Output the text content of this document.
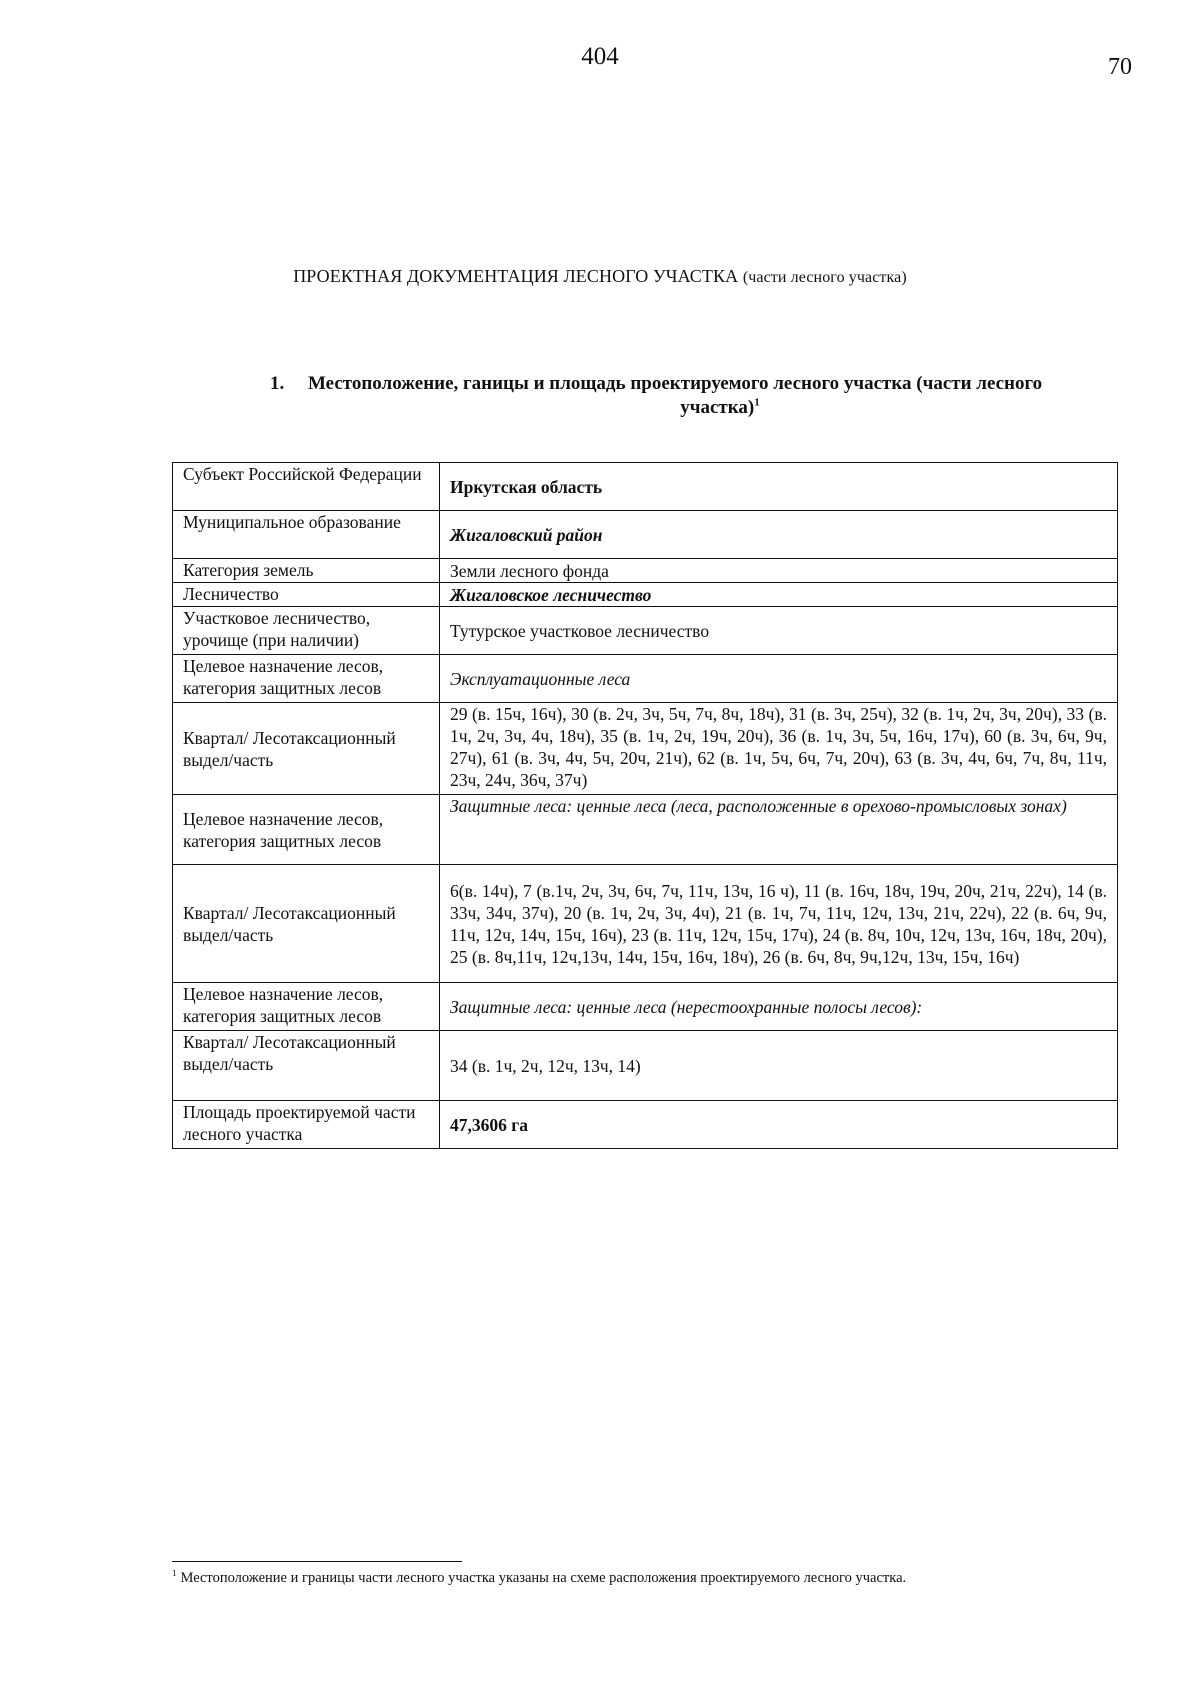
404	70
ПРОЕКТНАЯ ДОКУМЕНТАЦИЯ ЛЕСНОГО УЧАСТКА (части лесного участка)
1. Местоположение, ганицы и площадь проектируемого лесного участка (части лесного
участка)$^1$
Субъект Российской Федерации	Иркутская область
Муниципальное образование	Жигаловский район
Категория земель	Земли лесного фонда
Лесничество	Жигаловское лесничество
Участковое лесничество, урочище (при наличии)	Тутурское участковое лесничество
Целевое назначение лесов, категория защитных лесов	Эксплуатационные леса
Квартал/ Лесотаксационный выдел/часть	29 (в. 15ч, 16ч), 30 (в. 2ч, 3ч, 5ч, 7ч, 8ч, 18ч), 31 (в. 3ч, 25ч), 32 (в. 1ч, 2ч, 3ч, 20ч), 33 (в. 1ч, 2ч, 3ч, 4ч, 18ч), 35 (в. 1ч, 2ч, 19ч, 20ч), 36 (в. 1ч, 3ч, 5ч, 16ч, 17ч), 60 (в. 3ч, 6ч, 9ч, 27ч), 61 (в. 3ч, 4ч, 5ч, 20ч, 21ч), 62 (в. 1ч, 5ч, 6ч, 7ч, 20ч), 63 (в. 3ч, 4ч, 6ч, 7ч, 8ч, 11ч, 23ч, 24ч, 36ч, 37ч)
Целевое назначение лесов, категория защитных лесов	Защитные леса: ценные леса (леса, расположенные в орехово-промысловых зонах)
Квартал/ Лесотаксационный выдел/часть	6(в. 14ч), 7 (в.1ч, 2ч, 3ч, 6ч, 7ч, 11ч, 13ч, 16 ч), 11 (в. 16ч, 18ч, 19ч, 20ч, 21ч, 22ч), 14 (в. 33ч, 34ч, 37ч), 20 (в. 1ч, 2ч, 3ч, 4ч), 21 (в. 1ч, 7ч, 11ч, 12ч, 13ч, 21ч, 22ч), 22 (в. 6ч, 9ч, 11ч, 12ч, 14ч, 15ч, 16ч), 23 (в. 11ч, 12ч, 15ч, 17ч), 24 (в. 8ч, 10ч, 12ч, 13ч, 16ч, 18ч, 20ч), 25 (в. 8ч,11ч, 12ч,13ч, 14ч, 15ч, 16ч, 18ч), 26 (в. 6ч, 8ч, 9ч,12ч, 13ч, 15ч, 16ч)
Целевое назначение лесов, категория защитных лесов	Защитные леса: ценные леса (нерестоохранные полосы лесов):
Квартал/ Лесотаксационный выдел/часть	34 (в. 1ч, 2ч, 12ч, 13ч, 14)
Площадь проектируемой части лесного участка	47,3606 га
$^1$ Местоположение и границы части лесного участка указаны на схеме расположения проектируемого лесного участка.
